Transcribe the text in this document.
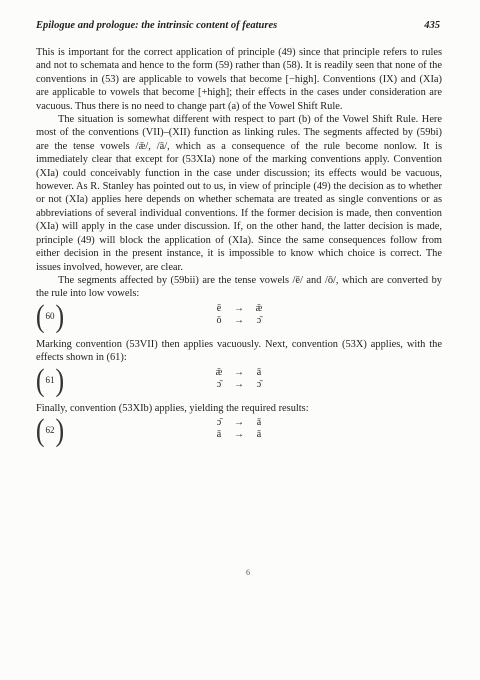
Epilogue and prologue: the intrinsic content of features	435

This is important for the correct application of principle (49) since that principle refers to rules and not to schemata and hence to the form (59) rather than (58). It is readily seen that none of the conventions in (53) are applicable to vowels that become [−high]. Conventions (IX) and (XIa) are applicable to vowels that become [+high]; their effects in the cases under consideration are vacuous. Thus there is no need to change part (a) of the Vowel Shift Rule.

The situation is somewhat different with respect to part (b) of the Vowel Shift Rule. Here most of the conventions (VII)–(XII) function as linking rules. The segments affected by (59bi) are the tense vowels /ǣ/, /ā/, which as a consequence of the rule become nonlow. It is immediately clear that except for (53XIa) none of the marking conventions apply. Convention (XIa) could conceivably function in the case under discussion; its effects would be vacuous, however. As R. Stanley has pointed out to us, in view of principle (49) the decision as to whether or not (XIa) applies here depends on whether schemata are treated as single conventions or as abbreviations of several individual conventions. If the former decision is made, then convention (XIa) will apply in the case under discussion. If, on the other hand, the latter decision is made, principle (49) will block the application of (XIa). Since the same consequences follow from either decision in the present instance, it is impossible to know which choice is correct. The issues involved, however, are clear.

The segments affected by (59bii) are the tense vowels /ē/ and /ō/, which are converted by the rule into low vowels:

( 60 )	ē → ǣ
ō → ɔ̄

Marking convention (53VII) then applies vacuously. Next, convention (53X) applies, with the effects shown in (61):

( 61 )	ǣ → ā
ɔ̄ → ɔ̄

Finally, convention (53XIb) applies, yielding the required results:

( 62 )	ɔ̄ → ā
ā → ā
6
